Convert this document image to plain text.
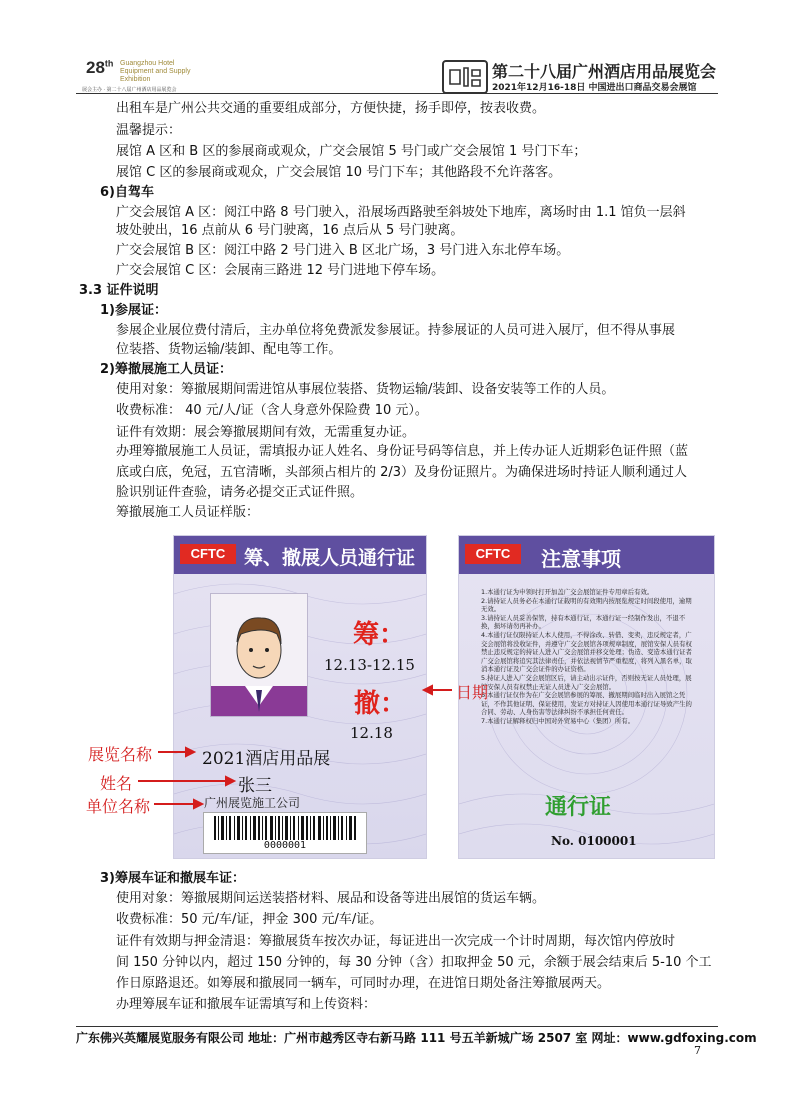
28th Guangzhou Hotel Equipment and Supply Exhibition
展会主办 · 第二十八届广州酒店用品展览会
第二十八届广州酒店用品展览会
2021年12月16-18日 中国进出口商品交易会展馆
出租车是广州公共交通的重要组成部分，方便快捷，扬手即停，按表收费。
温馨提示：
展馆 A 区和 B 区的参展商或观众，广交会展馆 5 号门或广交会展馆 1 号门下车；
展馆 C 区的参展商或观众，广交会展馆 10 号门下车；其他路段不允许落客。
6)自驾车
广交会展馆 A 区：阅江中路 8 号门驶入，沿展场西路驶至斜坡处下地库，离场时由 1.1 馆负一层斜
坡处驶出，16 点前从 6 号门驶离，16 点后从 5 号门驶离。
广交会展馆 B 区：阅江中路 2 号门进入 B 区北广场，3 号门进入东北停车场。
广交会展馆 C 区：会展南三路进 12 号门进地下停车场。
3.3 证件说明
1)参展证：
参展企业展位费付清后，主办单位将免费派发参展证。持参展证的人员可进入展厅，但不得从事展
位装搭、货物运输/装卸、配电等工作。
2)筹撤展施工人员证：
使用对象：筹撤展期间需进馆从事展位装搭、货物运输/装卸、设备安装等工作的人员。
收费标准： 40 元/人/证（含人身意外保险费 10 元）。
证件有效期：展会筹撤展期间有效，无需重复办证。
办理筹撤展施工人员证，需填报办证人姓名、身份证号码等信息，并上传办证人近期彩色证件照（蓝
底或白底，免冠，五官清晰，头部须占相片的 2/3）及身份证照片。为确保进场时持证人顺利通过人
脸识别证件查验，请务必提交正式证件照。
筹撤展施工人员证样版：
CFTC 筹、撤展人员通行证
筹：
12.13-12.15
撤：
12.18
2021酒店用品展
张三
广州展览施工公司
0000001
CFTC	注意事项

1.本通行证为申领时打开加盖广交会展馆证件专用章后有效。

2.请持证人员务必在本通行证载明的有效期内按展览规定时间段使用，逾期无效。

3.请持证人员妥善保管，持有本通行证，本通行证一经制作发出，不退不换，损坏请勿再补办。

4.本通行证仅限持证人本人使用，不得涂改、转借、变卖，违反规定者，广交会展馆将没收证件，并遵守广交会展馆各项规章制度，展馆安保人员有权禁止违反规定的持证人进入广交会展馆并移交处理；伪造、变造本通行证者广交会展馆将追究其法律责任，并依法视情节严重程度，将列入黑名单，取消本通行证及广交会证件的办证资格。

5.持证人进入广交会展馆区后，请主动出示证件，否则按无证人员处理，展馆安保人员有权禁止无证人员进入广交会展馆。

6.本通行证仅作为在广交会展馆参展的筹展、撤展期间临时出入展馆之凭证，不作其他证明、保证使用，发证方对持证人因使用本通行证导致产生的合同、劳动、人身伤害等法律纠纷不承担任何责任。

7.本通行证解释权归中国对外贸易中心（集团）所有。

通行证
No. 0100001
日期
展览名称
姓名
单位名称
3)筹展车证和撤展车证：
使用对象：筹撤展期间运送装搭材料、展品和设备等进出展馆的货运车辆。
收费标准：50 元/车/证，押金 300 元/车/证。
证件有效期与押金清退：筹撤展货车按次办证，每证进出一次完成一个计时周期，每次馆内停放时
间 150 分钟以内，超过 150 分钟的，每 30 分钟（含）扣取押金 50 元，余额于展会结束后 5-10 个工
作日原路退还。如筹展和撤展同一辆车，可同时办理，在进馆日期处备注筹撤展两天。
办理筹展车证和撤展车证需填写和上传资料：
广东佛兴英耀展览服务有限公司 地址：广州市越秀区寺右新马路 111 号五羊新城广场 2507 室 网址：www.gdfoxing.com
7
